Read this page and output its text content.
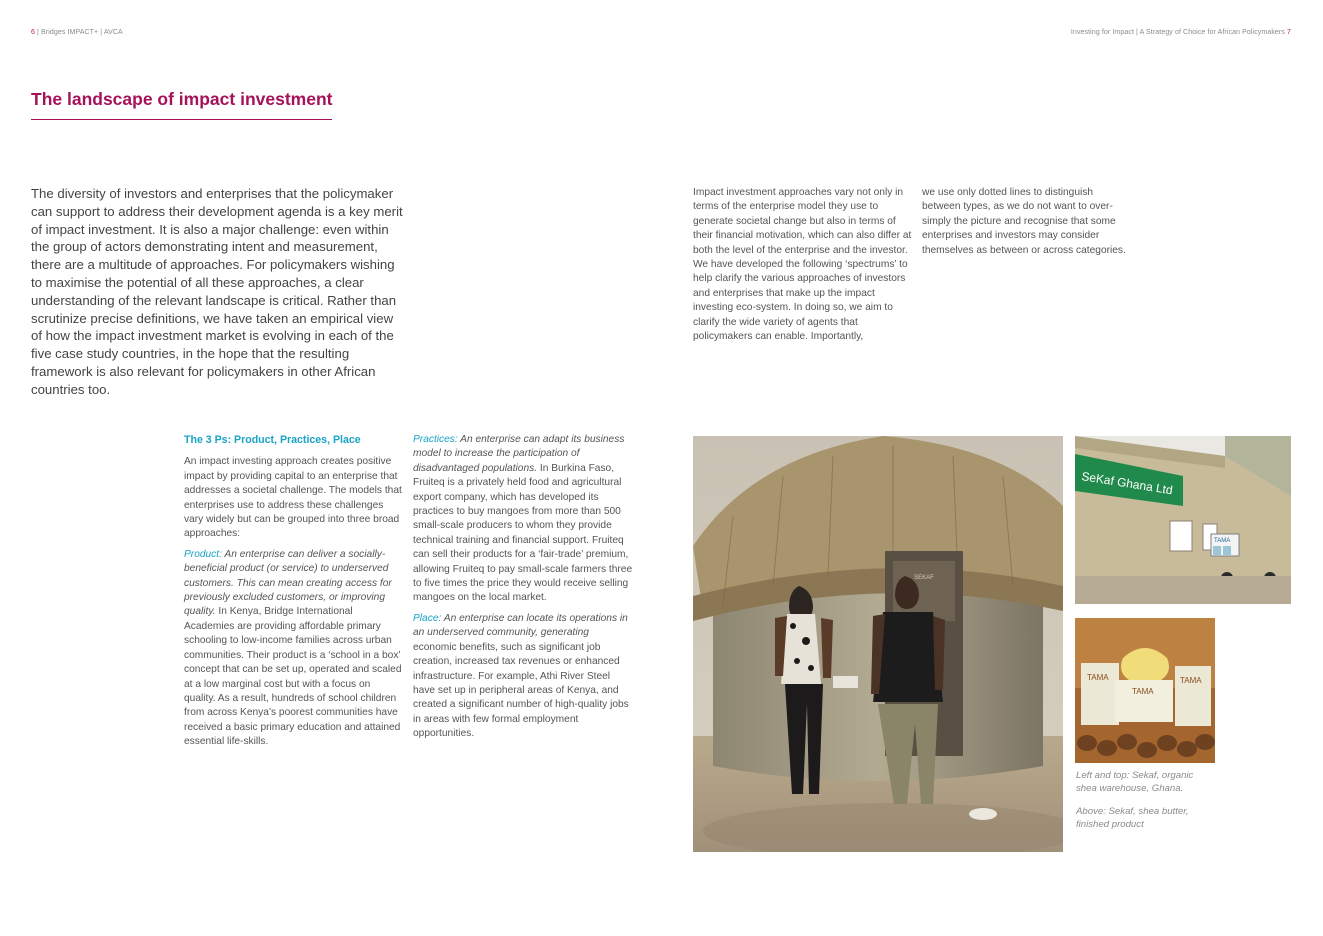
6 | Bridges IMPACT+ | AVCA	Investing for Impact | A Strategy of Choice for African Policymakers 7
The landscape of impact investment
The diversity of investors and enterprises that the policymaker can support to address their development agenda is a key merit of impact investment. It is also a major challenge: even within the group of actors demonstrating intent and measurement, there are a multitude of approaches. For policymakers wishing to maximise the potential of all these approaches, a clear understanding of the relevant landscape is critical. Rather than scrutinize precise definitions, we have taken an empirical view of how the impact investment market is evolving in each of the five case study countries, in the hope that the resulting framework is also relevant for policymakers in other African countries too.
Impact investment approaches vary not only in terms of the enterprise model they use to generate societal change but also in terms of their financial motivation, which can also differ at both the level of the enterprise and the investor. We have developed the following ‘spectrums’ to help clarify the various approaches of investors and enterprises that make up the impact investing eco-system. In doing so, we aim to clarify the wide variety of agents that policymakers can enable. Importantly,
we use only dotted lines to distinguish between types, as we do not want to over-simply the picture and recognise that some enterprises and investors may consider themselves as between or across categories.

The 3 Ps: Product, Practices, Place

An impact investing approach creates positive impact by providing capital to an enterprise that addresses a societal challenge. The models that enterprises use to address these challenges vary widely but can be grouped into three broad approaches:

Product: An enterprise can deliver a socially-beneficial product (or service) to underserved customers. This can mean creating access for previously excluded customers, or improving quality. In Kenya, Bridge International Academies are providing affordable primary schooling to low-income families across urban communities. Their product is a ‘school in a box’ concept that can be set up, operated and scaled at a low marginal cost but with a focus on quality. As a result, hundreds of school children from across Kenya’s poorest communities have received a basic primary education and attained essential life-skills.

Practices: An enterprise can adapt its business model to increase the participation of disadvantaged populations. In Burkina Faso, Fruiteq is a privately held food and agricultural export company, which has developed its practices to buy mangoes from more than 500 small-scale producers to whom they provide technical training and financial support. Fruiteq can sell their products for a ‘fair-trade’ premium, allowing Fruiteq to pay small-scale farmers three to five times the price they would receive selling mangoes on the local market.

Place: An enterprise can locate its operations in an underserved community, generating economic benefits, such as significant job creation, increased tax revenues or enhanced infrastructure. For example, Athi River Steel have set up in peripheral areas of Kenya, and created a significant number of high-quality jobs in areas with few formal employment opportunities.

SEKAF
SeKaf Ghana Ltd
TAMA
TAMA	TAMA
TAMA
Left and top: Sekaf, organic shea warehouse, Ghana.
Above: Sekaf, shea butter, finished product
